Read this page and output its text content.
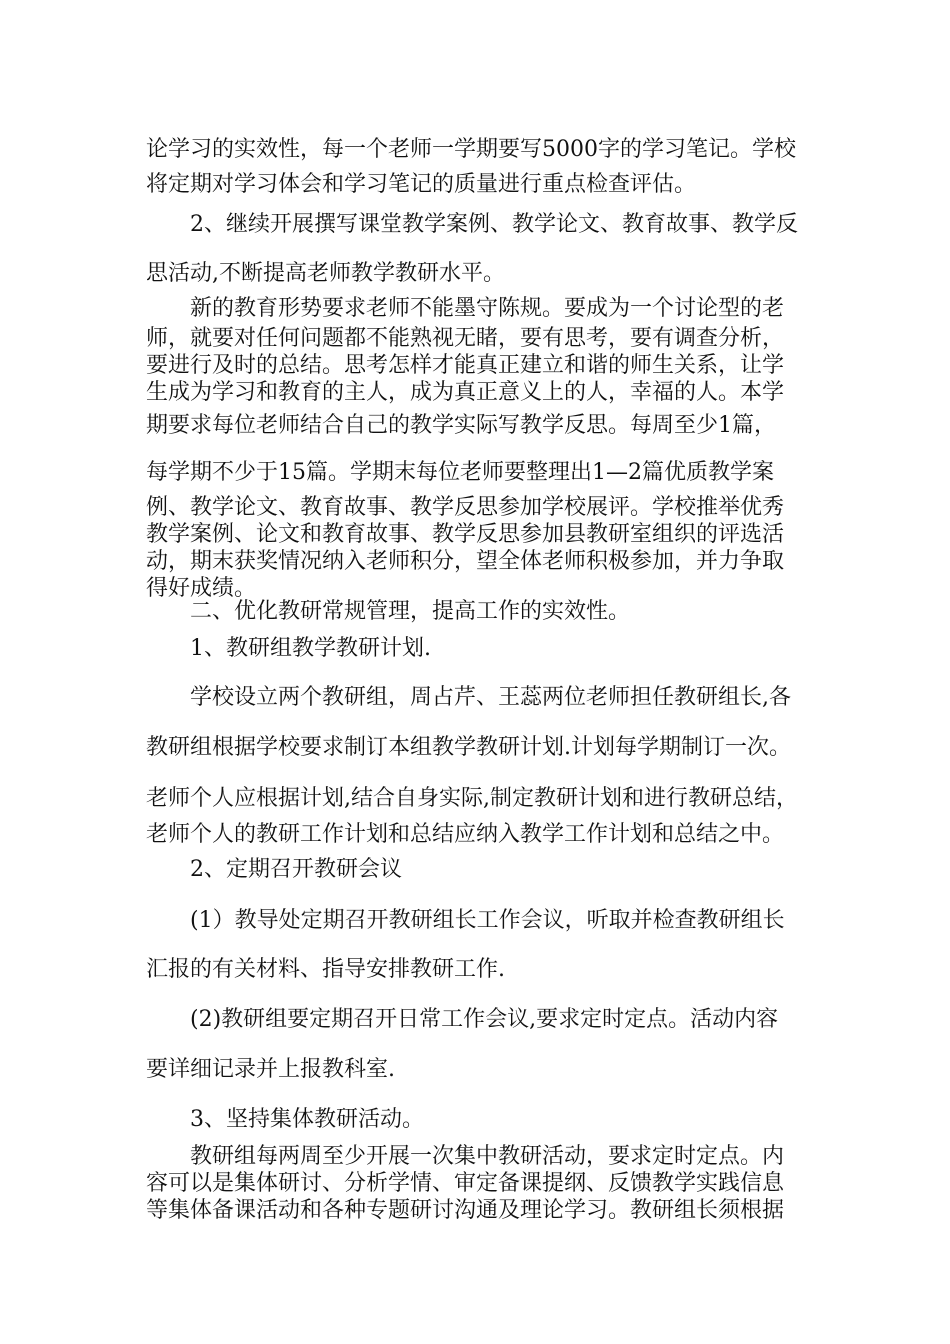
论学习的实效性，每一个老师一学期要写5000字的学习笔记。学校

将定期对学习体会和学习笔记的质量进行重点检查评估。

2、继续开展撰写课堂教学案例、教学论文、教育故事、教学反

思活动,不断提高老师教学教研水平。

新的教育形势要求老师不能墨守陈规。要成为一个讨论型的老

师，就要对任何问题都不能熟视无睹，要有思考，要有调查分析，

要进行及时的总结。思考怎样才能真正建立和谐的师生关系，让学

生成为学习和教育的主人，成为真正意义上的人，幸福的人。本学

期要求每位老师结合自己的教学实际写教学反思。每周至少1篇，

每学期不少于15篇。学期末每位老师要整理出1—2篇优质教学案

例、教学论文、教育故事、教学反思参加学校展评。学校推举优秀

教学案例、论文和教育故事、教学反思参加县教研室组织的评选活

动，期末获奖情况纳入老师积分，望全体老师积极参加，并力争取

得好成绩。

二、优化教研常规管理，提高工作的实效性。

1、教研组教学教研计划.

学校设立两个教研组，周占芹、王蕊两位老师担任教研组长,各

教研组根据学校要求制订本组教学教研计划.计划每学期制订一次。

老师个人应根据计划,结合自身实际,制定教研计划和进行教研总结，

老师个人的教研工作计划和总结应纳入教学工作计划和总结之中。

2、定期召开教研会议

(1）教导处定期召开教研组长工作会议，听取并检查教研组长

汇报的有关材料、指导安排教研工作.

(2)教研组要定期召开日常工作会议,要求定时定点。活动内容

要详细记录并上报教科室.

3、坚持集体教研活动。

教研组每两周至少开展一次集中教研活动，要求定时定点。内

容可以是集体研讨、分析学情、审定备课提纲、反馈教学实践信息

等集体备课活动和各种专题研讨沟通及理论学习。教研组长须根据
